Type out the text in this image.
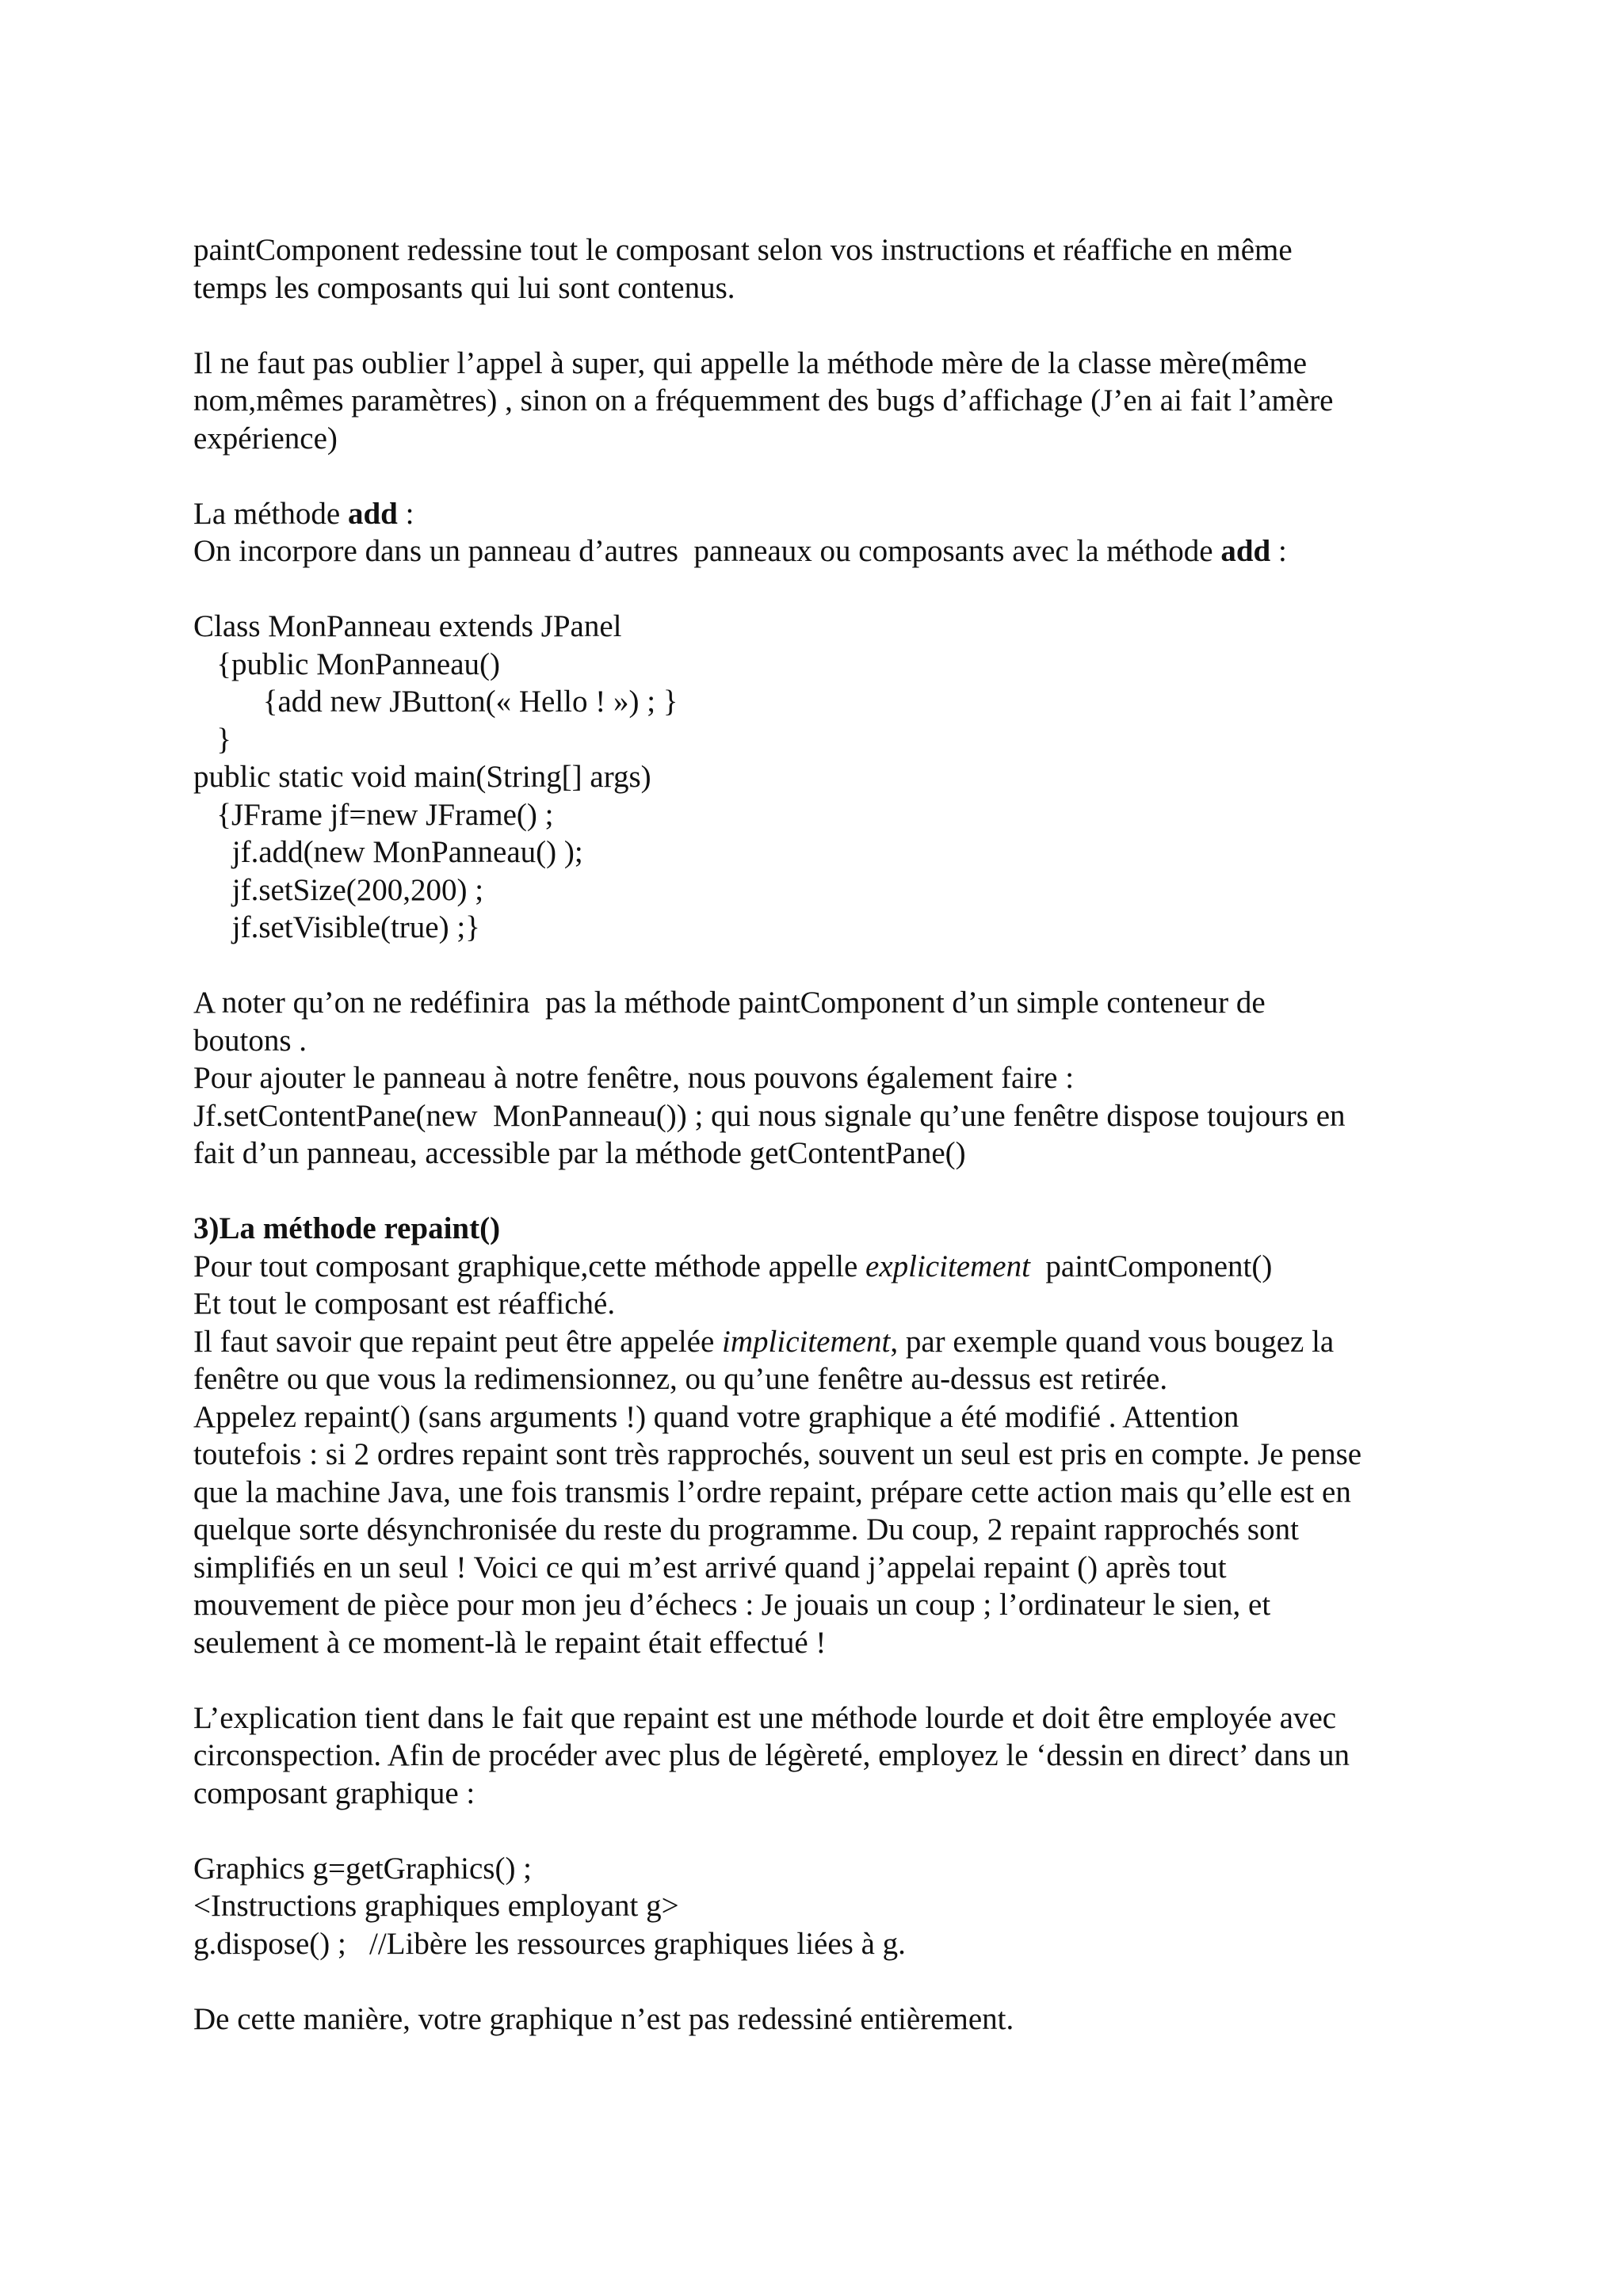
paintComponent redessine tout le composant selon vos instructions et réaffiche en même
temps les composants qui lui sont contenus.
Il ne faut pas oublier l’appel à super, qui appelle la méthode mère de la classe mère(même
nom,mêmes paramètres) , sinon on a fréquemment des bugs d’affichage (J’en ai fait l’amère
expérience)
La méthode add :
On incorpore dans un panneau d’autres  panneaux ou composants avec la méthode add :
Class MonPanneau extends JPanel
{public MonPanneau()
{add new JButton(« Hello ! ») ; }
}
public static void main(String[] args)
{JFrame jf=new JFrame() ;
jf.add(new MonPanneau() );
jf.setSize(200,200) ;
jf.setVisible(true) ;}
A noter qu’on ne redéfinira  pas la méthode paintComponent d’un simple conteneur de
boutons .
Pour ajouter le panneau à notre fenêtre, nous pouvons également faire :
Jf.setContentPane(new  MonPanneau()) ; qui nous signale qu’une fenêtre dispose toujours en
fait d’un panneau, accessible par la méthode getContentPane()
3)La méthode repaint()
Pour tout composant graphique,cette méthode appelle explicitement  paintComponent()
Et tout le composant est réaffiché.
Il faut savoir que repaint peut être appelée implicitement, par exemple quand vous bougez la
fenêtre ou que vous la redimensionnez, ou qu’une fenêtre au-dessus est retirée.
Appelez repaint() (sans arguments !) quand votre graphique a été modifié . Attention
toutefois : si 2 ordres repaint sont très rapprochés, souvent un seul est pris en compte. Je pense
que la machine Java, une fois transmis l’ordre repaint, prépare cette action mais qu’elle est en
quelque sorte désynchronisée du reste du programme. Du coup, 2 repaint rapprochés sont
simplifiés en un seul ! Voici ce qui m’est arrivé quand j’appelai repaint () après tout
mouvement de pièce pour mon jeu d’échecs : Je jouais un coup ; l’ordinateur le sien, et
seulement à ce moment-là le repaint était effectué !
L’explication tient dans le fait que repaint est une méthode lourde et doit être employée avec
circonspection. Afin de procéder avec plus de légèreté, employez le ‘dessin en direct’ dans un
composant graphique :
Graphics g=getGraphics() ;
<Instructions graphiques employant g>
g.dispose() ;   //Libère les ressources graphiques liées à g.
De cette manière, votre graphique n’est pas redessiné entièrement.
